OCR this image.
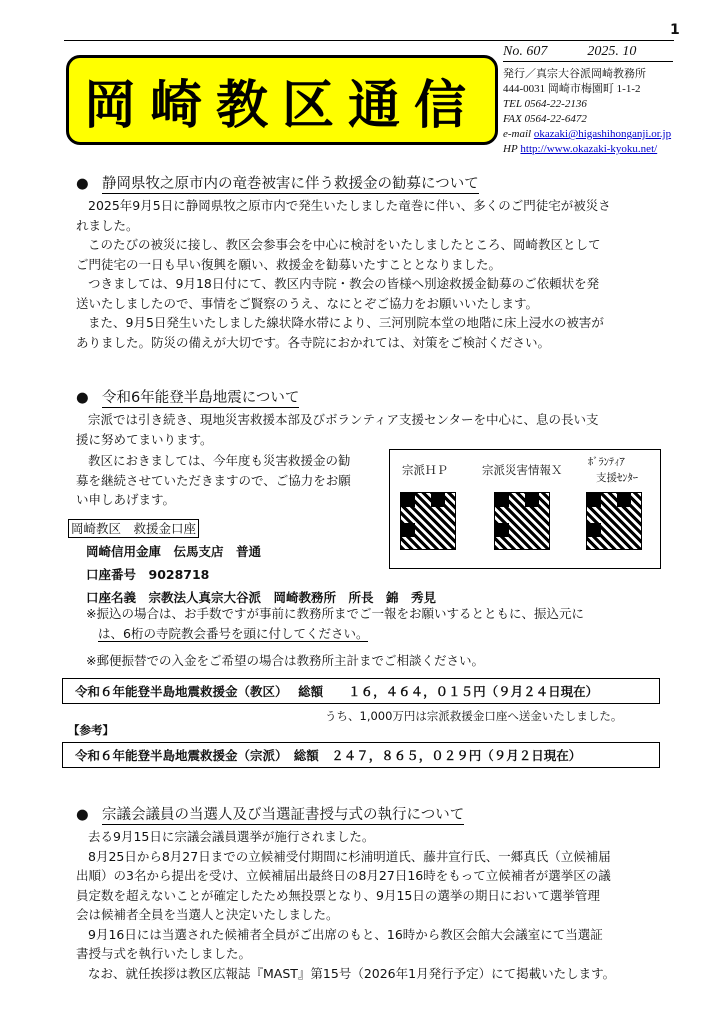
1
岡崎教区通信
No. 607	2025. 10
発行／真宗大谷派岡崎教務所
444-0031 岡崎市梅園町 1-1-2
TEL 0564-22-2136
FAX 0564-22-6472
e-mail okazaki@higashihonganji.or.jp
HP http://www.okazaki-kyoku.net/
● 静岡県牧之原市内の竜巻被害に伴う救援金の勧募について

2025年9月5日に静岡県牧之原市内で発生いたしました竜巻に伴い、多くのご門徒宅が被災さ

れました。

このたびの被災に接し、教区会参事会を中心に検討をいたしましたところ、岡崎教区として

ご門徒宅の一日も早い復興を願い、救援金を勧募いたすこととなりました。

つきましては、9月18日付にて、教区内寺院・教会の皆様へ別途救援金勧募のご依頼状を発

送いたしましたので、事情をご賢察のうえ、なにとぞご協力をお願いいたします。

また、9月5日発生いたしました線状降水帯により、三河別院本堂の地階に床上浸水の被害が

ありました。防災の備えが大切です。各寺院におかれては、対策をご検討ください。

● 令和6年能登半島地震について

宗派では引き続き、現地災害救援本部及びボランティア支援センターを中心に、息の長い支

援に努めてまいります。

教区におきましては、今年度も災害救援金の勧

募を継続させていただきますので、ご協力をお願

い申しあげます。

宗派ＨＰ	宗派災害情報Ｘ
ﾎﾞﾗﾝﾃｨｱ
支援ｾﾝﾀｰ
岡崎教区　救援金口座
岡崎信用金庫　伝馬支店　普通
口座番号　9028718
口座名義　宗教法人真宗大谷派　岡崎教務所　所長　錦　秀見
※振込の場合は、お手数ですが事前に教務所までご一報をお願いするとともに、振込元に
は、6桁の寺院教会番号を頭に付してください。
※郵便振替での入金をご希望の場合は教務所主計までご相談ください。
令和６年能登半島地震救援金（教区）　 総額　　１６，４６４，０１５円（９月２４日現在）
うち、1,000万円は宗派救援金口座へ送金いたしました。
【参考】
令和６年能登半島地震救援金（宗派）　総額　２４７，８６５，０２９円（９月２日現在）
● 宗議会議員の当選人及び当選証書授与式の執行について

去る9月15日に宗議会議員選挙が施行されました。

8月25日から8月27日までの立候補受付期間に杉浦明道氏、藤井宣行氏、一郷真氏（立候補届

出順）の3名から提出を受け、立候補届出最終日の8月27日16時をもって立候補者が選挙区の議

員定数を超えないことが確定したため無投票となり、9月15日の選挙の期日において選挙管理

会は候補者全員を当選人と決定いたしました。

9月16日には当選された候補者全員がご出席のもと、16時から教区会館大会議室にて当選証

書授与式を執行いたしました。

なお、就任挨拶は教区広報誌『MAST』第15号（2026年1月発行予定）にて掲載いたします。
